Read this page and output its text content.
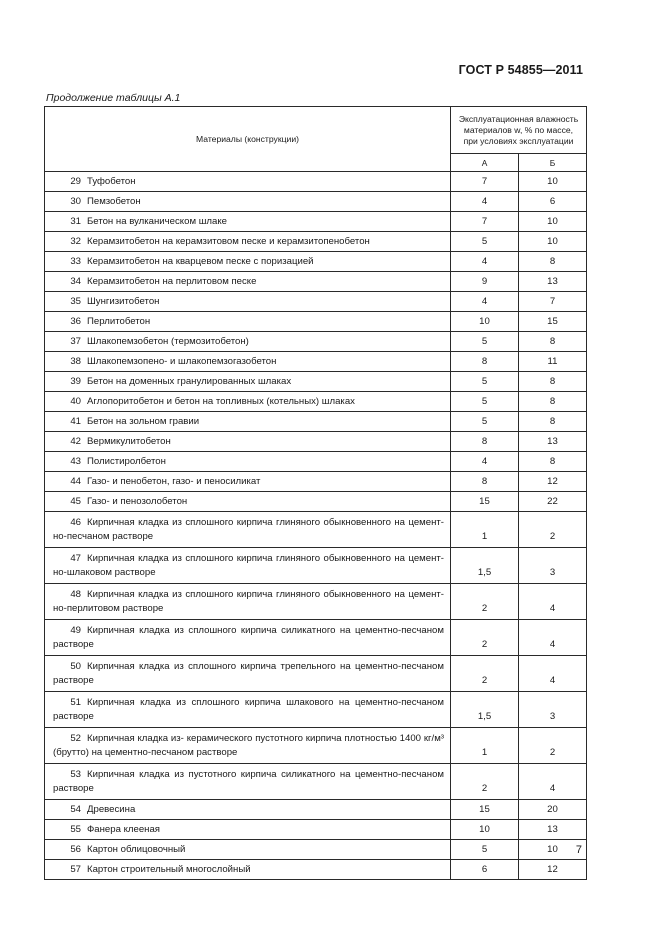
ГОСТ Р 54855—2011
Продолжение таблицы А.1
Материалы (конструкции)	Эксплуатационная влажность
материалов w, % по массе,
при условиях эксплуатации	

	А	Б
29 Туфобетон	7	10
30 Пемзобетон	4	6
31 Бетон на вулканическом шлаке	7	10
32 Керамзитобетон на керамзитовом песке и керамзитопенобетон	5	10
33 Керамзитобетон на кварцевом песке с поризацией	4	8
34 Керамзитобетон на перлитовом песке	9	13
35 Шунгизитобетон	4	7
36 Перлитобетон	10	15
37 Шлакопемзобетон (термозитобетон)	5	8
38 Шлакопемзопено- и шлакопемзогазобетон	8	11
39 Бетон на доменных гранулированных шлаках	5	8
40 Аглопоритобетон и бетон на топливных (котельных) шлаках	5	8
41 Бетон на зольном гравии	5	8
42 Вермикулитобетон	8	13
43 Полистиролбетон	4	8
44 Газо- и пенобетон, газо- и пеносиликат	8	12
45 Газо- и пенозолобетон	15	22
46 Кирпичная кладка из сплошного кирпича глиняного обыкновенного на цемент-но-песчаном растворе	1	2
47 Кирпичная кладка из сплошного кирпича глиняного обыкновенного на цемент-но-шлаковом растворе	1,5	3
48 Кирпичная кладка из сплошного кирпича глиняного обыкновенного на цемент-но-перлитовом растворе	2	4
49 Кирпичная кладка из сплошного кирпича силикатного на цементно-песчаном растворе	2	4
50 Кирпичная кладка из сплошного кирпича трепельного на цементно-песчаном растворе	2	4
51 Кирпичная кладка из сплошного кирпича шлакового на цементно-песчаном растворе	1,5	3
52 Кирпичная кладка из- керамического пустотного кирпича плотностью 1400 кг/м³ (брутто) на цементно-песчаном растворе	1	2
53 Кирпичная кладка из пустотного кирпича силикатного на цементно-песчаном растворе	2	4
54 Древесина	15	20
55 Фанера клееная	10	13
56 Картон облицовочный	5	10
57 Картон строительный многослойный	6	12
7
